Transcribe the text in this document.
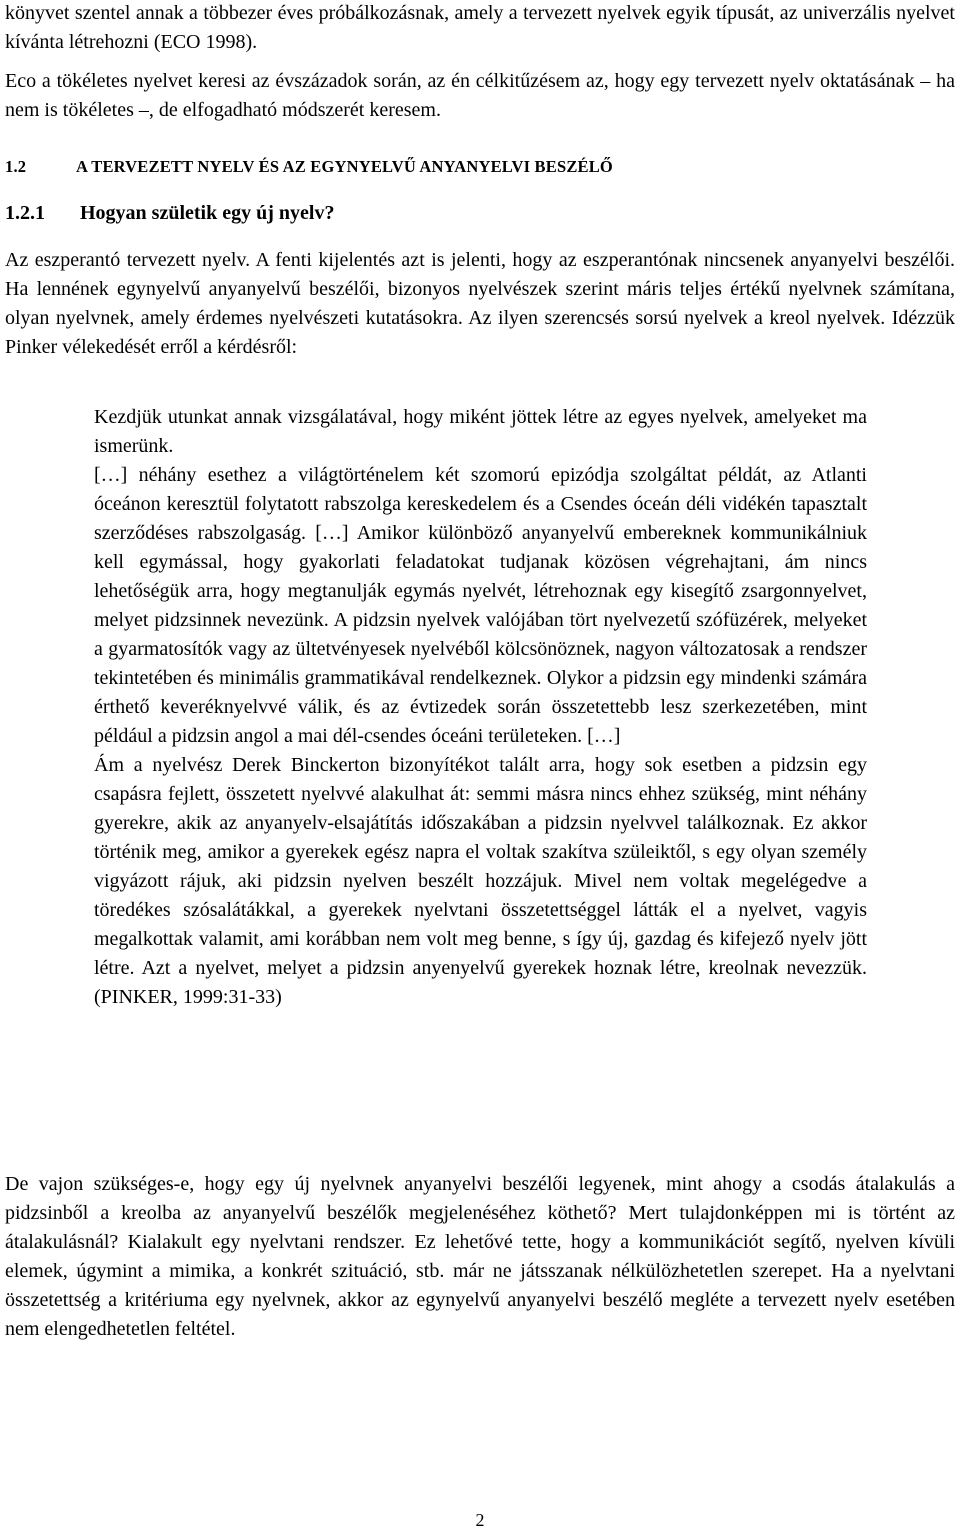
könyvet szentel annak a többezer éves próbálkozásnak, amely a tervezett nyelvek egyik típusát, az univerzális nyelvet kívánta létrehozni (ECO 1998).

Eco a tökéletes nyelvet keresi az évszázadok során, az én célkitűzésem az, hogy egy tervezett nyelv oktatásának – ha nem is tökéletes –, de elfogadható módszerét keresem.

1.2	A TERVEZETT NYELV ÉS AZ EGYNYELVŰ ANYANYELVI BESZÉLŐ
1.2.1 Hogyan születik egy új nyelv?

Az eszperantó tervezett nyelv. A fenti kijelentés azt is jelenti, hogy az eszperantónak nincsenek anyanyelvi beszélői. Ha lennének egynyelvű anyanyelvű beszélői, bizonyos nyelvészek szerint máris teljes értékű nyelvnek számítana, olyan nyelvnek, amely érdemes nyelvészeti kutatásokra. Az ilyen szerencsés sorsú nyelvek a kreol nyelvek. Idézzük Pinker vélekedését erről a kérdésről:

Kezdjük utunkat annak vizsgálatával, hogy miként jöttek létre az egyes nyelvek, amelyeket ma ismerünk.

[…] néhány esethez a világtörténelem két szomorú epizódja szolgáltat példát, az Atlanti óceánon keresztül folytatott rabszolga kereskedelem és a Csendes óceán déli vidékén tapasztalt szerződéses rabszolgaság. […] Amikor különböző anyanyelvű embereknek kommunikálniuk kell egymással, hogy gyakorlati feladatokat tudjanak közösen végrehajtani, ám nincs lehetőségük arra, hogy megtanulják egymás nyelvét, létrehoznak egy kisegítő zsargonnyelvet, melyet pidzsinnek nevezünk. A pidzsin nyelvek valójában tört nyelvezetű szófüzérek, melyeket a gyarmatosítók vagy az ültetvényesek nyelvéből kölcsönöznek, nagyon változatosak a rendszer tekintetében és minimális grammatikával rendelkeznek. Olykor a pidzsin egy mindenki számára érthető keveréknyelvvé válik, és az évtizedek során összetettebb lesz szerkezetében, mint például a pidzsin angol a mai dél-csendes óceáni területeken. […]

Ám a nyelvész Derek Binckerton bizonyítékot talált arra, hogy sok esetben a pidzsin egy csapásra fejlett, összetett nyelvvé alakulhat át: semmi másra nincs ehhez szükség, mint néhány gyerekre, akik az anyanyelv-elsajátítás időszakában a pidzsin nyelvvel találkoznak. Ez akkor történik meg, amikor a gyerekek egész napra el voltak szakítva szüleiktől, s egy olyan személy vigyázott rájuk, aki pidzsin nyelven beszélt hozzájuk. Mivel nem voltak megelégedve a töredékes szósalátákkal, a gyerekek nyelvtani összetettséggel látták el a nyelvet, vagyis megalkottak valamit, ami korábban nem volt meg benne, s így új, gazdag és kifejező nyelv jött létre. Azt a nyelvet, melyet a pidzsin anyenyelvű gyerekek hoznak létre, kreolnak nevezzük. (PINKER, 1999:31-33)

De vajon szükséges-e, hogy egy új nyelvnek anyanyelvi beszélői legyenek, mint ahogy a csodás átalakulás a pidzsinből a kreolba az anyanyelvű beszélők megjelenéséhez köthető? Mert tulajdonképpen mi is történt az átalakulásnál? Kialakult egy nyelvtani rendszer. Ez lehetővé tette, hogy a kommunikációt segítő, nyelven kívüli elemek, úgymint a mimika, a konkrét szituáció, stb. már ne játsszanak nélkülözhetetlen szerepet. Ha a nyelvtani összetettség a kritériuma egy nyelvnek, akkor az egynyelvű anyanyelvi beszélő megléte a tervezett nyelv esetében nem elengedhetetlen feltétel.

2
